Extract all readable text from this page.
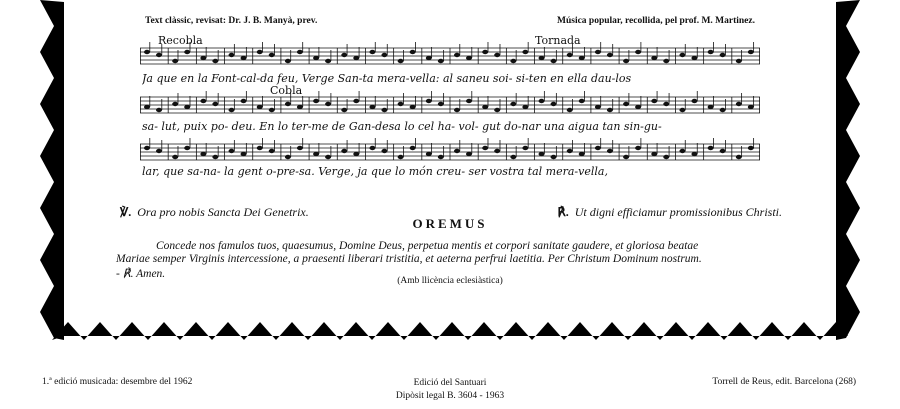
Text clàssic, revisat: Dr. J. B. Manyà, prev.	Música popular, recollida, pel prof. M. Martinez.
Recobla	Tornada
Cobla
Ja que en la Font-cal-da feu, Verge San-ta mera-vella: al saneu soi- si-ten en ella dau-los
sa- lut, puix po- deu. En lo ter-me de Gan-desa lo cel ha- vol- gut do-nar una aigua tan sin-gu-
lar, que sa-na- la gent o-pre-sa. Verge, ja que lo món creu- ser vostra tal mera-vella,
℣. Ora pro nobis Sancta Dei Genetrix.	℟. Ut digni efficiamur promissionibus Christi.
OREMUS

Concede nos famulos tuos, quaesumus, Domine Deus, perpetua mentis et corpori sanitate gaudere, et gloriosa beatae

Mariae semper Virginis intercessione, a praesenti liberari tristitia, et aeterna perfrui laetitia. Per Christum Dominum nostrum.

- ℟. Amen.
(Amb llicència eclesiàstica)
1.ª edició musicada: desembre del 1962	Edició del Santuari
Dipòsit legal B. 3604 - 1963
Torrell de Reus, edit. Barcelona (268)
